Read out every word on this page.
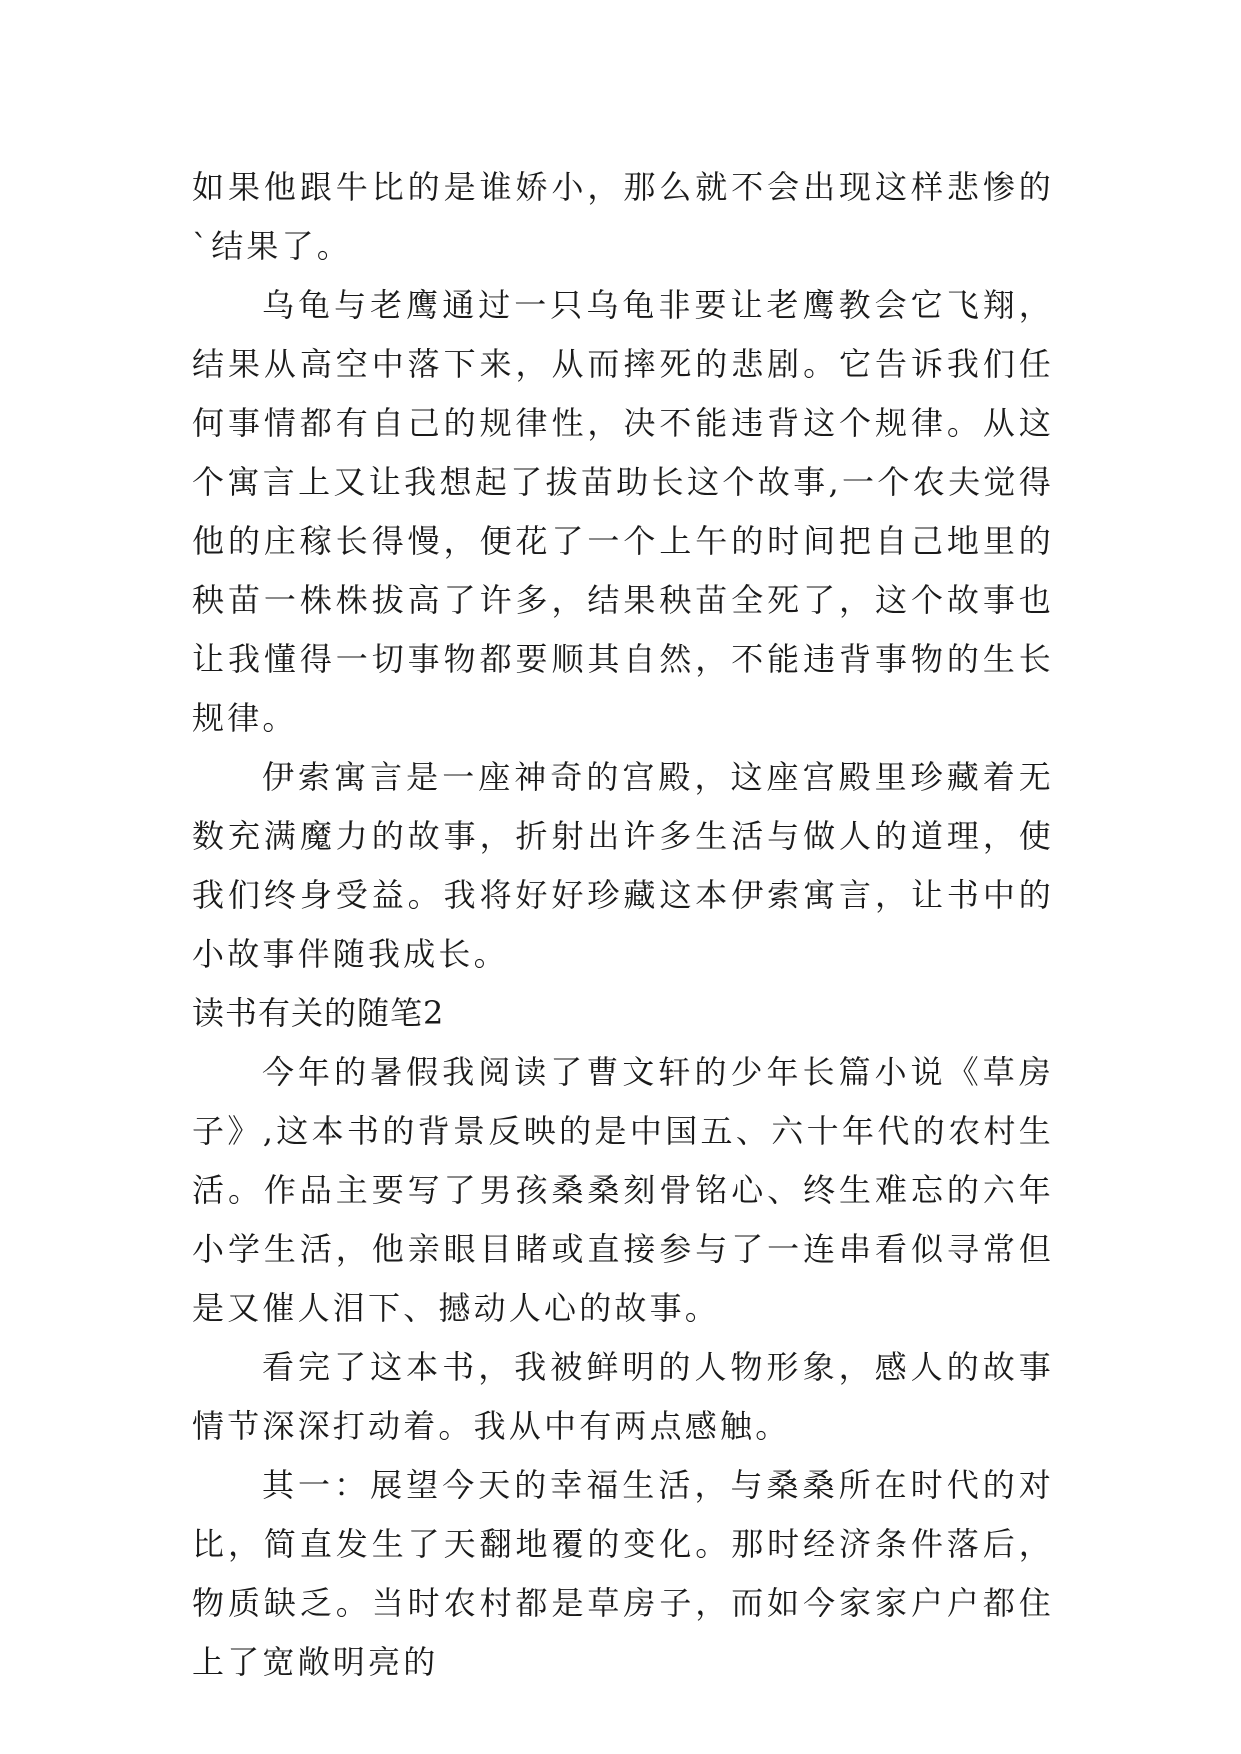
如果他跟牛比的是谁娇小，那么就不会出现这样悲惨的`结果了。

乌龟与老鹰通过一只乌龟非要让老鹰教会它飞翔，结果从高空中落下来，从而摔死的悲剧。它告诉我们任何事情都有自己的规律性，决不能违背这个规律。从这个寓言上又让我想起了拔苗助长这个故事,一个农夫觉得他的庄稼长得慢，便花了一个上午的时间把自己地里的秧苗一株株拔高了许多，结果秧苗全死了，这个故事也让我懂得一切事物都要顺其自然，不能违背事物的生长规律。

伊索寓言是一座神奇的宫殿，这座宫殿里珍藏着无数充满魔力的故事，折射出许多生活与做人的道理，使我们终身受益。我将好好珍藏这本伊索寓言，让书中的小故事伴随我成长。

读书有关的随笔2

今年的暑假我阅读了曹文轩的少年长篇小说《草房子》,这本书的背景反映的是中国五、六十年代的农村生活。作品主要写了男孩桑桑刻骨铭心、终生难忘的六年小学生活，他亲眼目睹或直接参与了一连串看似寻常但是又催人泪下、撼动人心的故事。

看完了这本书，我被鲜明的人物形象，感人的故事情节深深打动着。我从中有两点感触。

其一：展望今天的幸福生活，与桑桑所在时代的对比，简直发生了天翻地覆的变化。那时经济条件落后，物质缺乏。当时农村都是草房子，而如今家家户户都住上了宽敞明亮的
